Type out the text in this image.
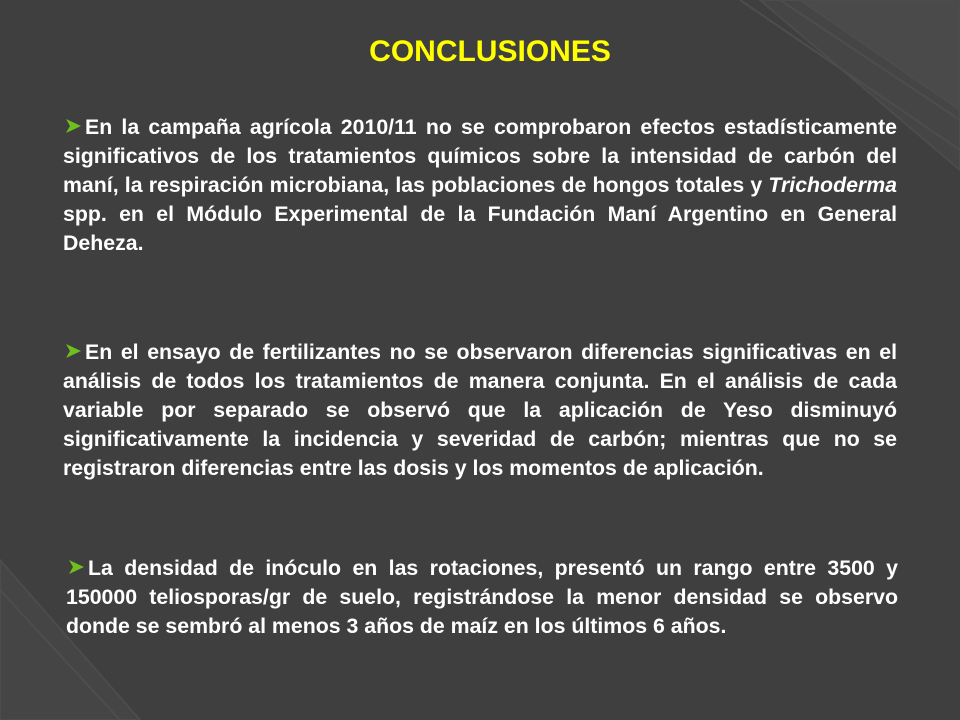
CONCLUSIONES
En la campaña agrícola 2010/11 no se comprobaron efectos estadísticamente significativos de los tratamientos químicos sobre la intensidad de carbón del maní, la respiración microbiana, las poblaciones de hongos totales y Trichoderma spp. en el Módulo Experimental de la Fundación Maní Argentino en General Deheza.
En el ensayo de fertilizantes no se observaron diferencias significativas en el análisis de todos los tratamientos de manera conjunta. En el análisis de cada variable por separado se observó que la aplicación de Yeso disminuyó significativamente la incidencia y severidad de carbón; mientras que no se registraron diferencias entre las dosis y los momentos de aplicación.
La densidad de inóculo en las rotaciones, presentó un rango entre 3500 y 150000 teliosporas/gr de suelo, registrándose la menor densidad se observo donde se sembró al menos 3 años de maíz en los últimos 6 años.
